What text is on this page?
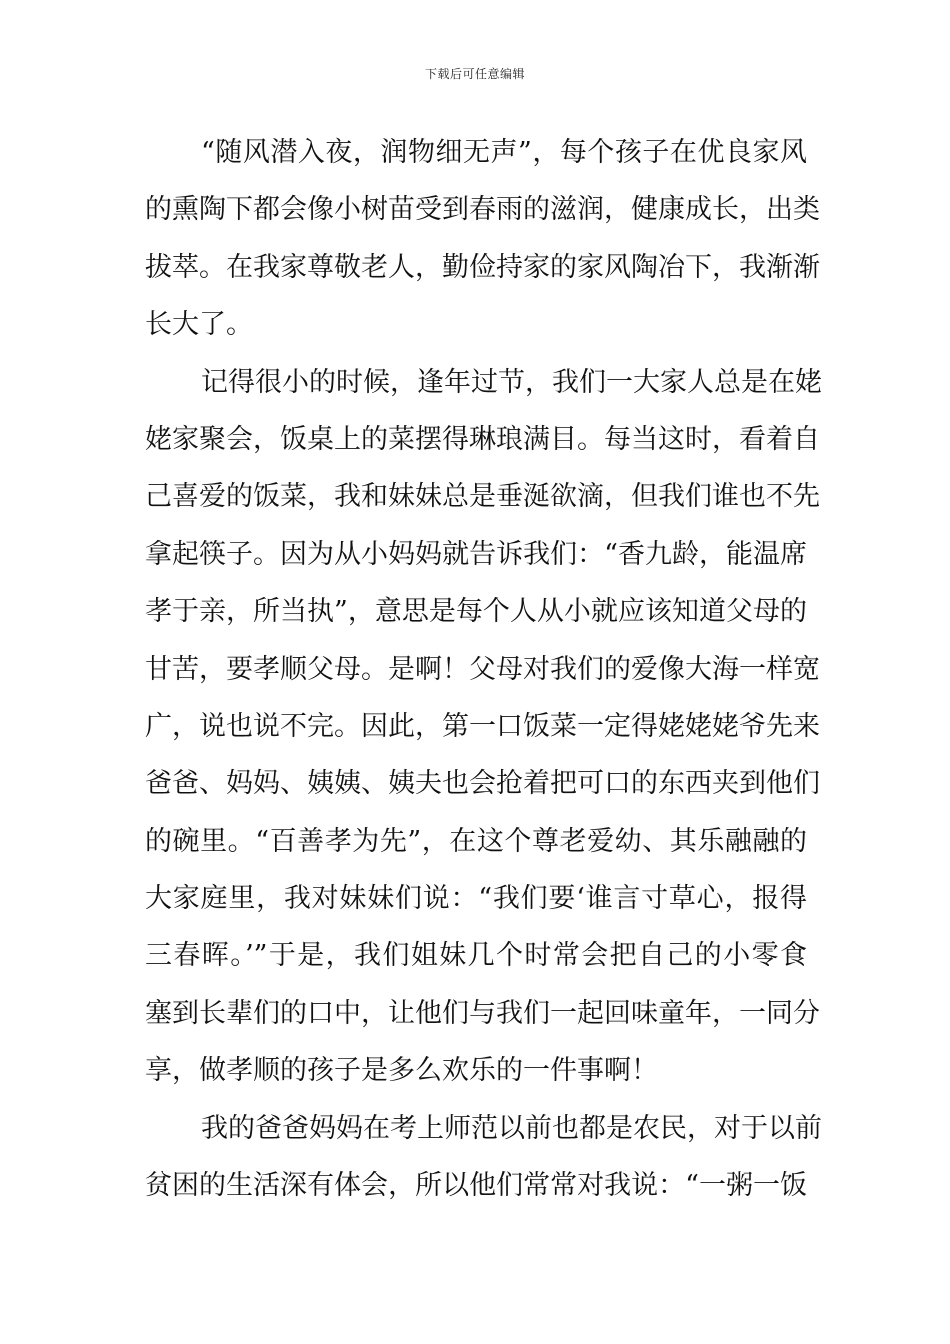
下载后可任意编辑
“随风潜入夜，润物细无声”，每个孩子在优良家风
的熏陶下都会像小树苗受到春雨的滋润，健康成长，出类
拔萃。在我家尊敬老人，勤俭持家的家风陶冶下，我渐渐
长大了。
记得很小的时候，逢年过节，我们一大家人总是在姥
姥家聚会，饭桌上的菜摆得琳琅满目。每当这时，看着自
己喜爱的饭菜，我和妹妹总是垂涎欲滴，但我们谁也不先
拿起筷子。因为从小妈妈就告诉我们：“香九龄，能温席
孝于亲，所当执”，意思是每个人从小就应该知道父母的
甘苦，要孝顺父母。是啊！父母对我们的爱像大海一样宽
广，说也说不完。因此，第一口饭菜一定得姥姥姥爷先来
爸爸、妈妈、姨姨、姨夫也会抢着把可口的东西夹到他们
的碗里。“百善孝为先”，在这个尊老爱幼、其乐融融的
大家庭里，我对妹妹们说：“我们要‘谁言寸草心，报得
三春晖。’”于是，我们姐妹几个时常会把自己的小零食
塞到长辈们的口中，让他们与我们一起回味童年，一同分
享，做孝顺的孩子是多么欢乐的一件事啊！
我的爸爸妈妈在考上师范以前也都是农民，对于以前
贫困的生活深有体会，所以他们常常对我说：“一粥一饭
